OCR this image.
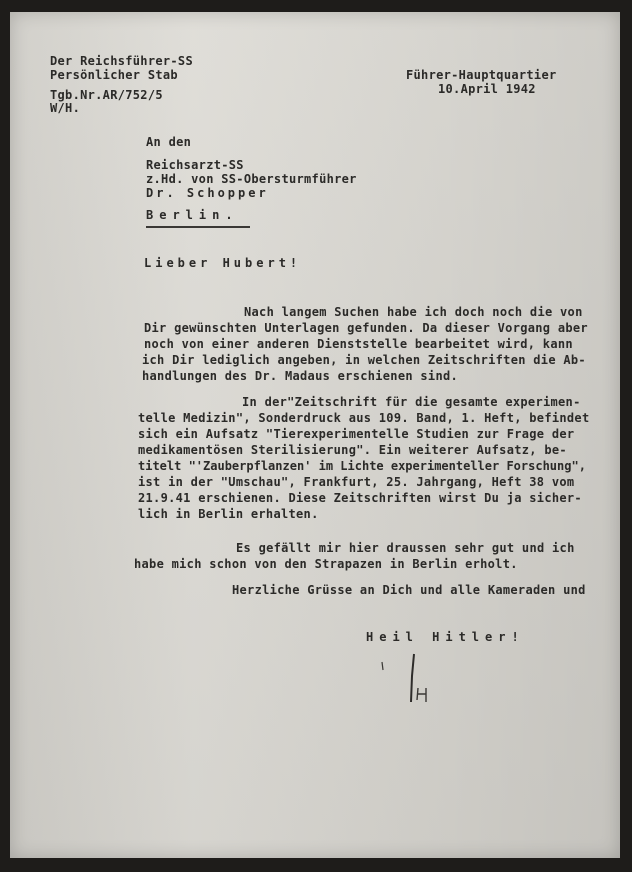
Der Reichsführer-SS
Persönlicher Stab
Tgb.Nr.AR/752/5
W/H.
Führer-Hauptquartier
10.April 1942
An den
Reichsarzt-SS
z.Hd. von SS-Obersturmführer
Dr. Schopper
Berlin.
Lieber Hubert!
Nach langem Suchen habe ich doch noch die von
Dir gewünschten Unterlagen gefunden. Da dieser Vorgang aber
noch von einer anderen Dienststelle bearbeitet wird, kann
ich Dir lediglich angeben, in welchen Zeitschriften die Ab-
handlungen des Dr. Madaus erschienen sind.
In der"Zeitschrift für die gesamte experimen-
telle Medizin", Sonderdruck aus 109. Band, 1. Heft, befindet
sich ein Aufsatz "Tierexperimentelle Studien zur Frage der
medikamentösen Sterilisierung". Ein weiterer Aufsatz, be-
titelt "'Zauberpflanzen' im Lichte experimenteller Forschung",
ist in der "Umschau", Frankfurt, 25. Jahrgang, Heft 38 vom
21.9.41 erschienen. Diese Zeitschriften wirst Du ja sicher-
lich in Berlin erhalten.
Es gefällt mir hier draussen sehr gut und ich
habe mich schon von den Strapazen in Berlin erholt.
Herzliche Grüsse an Dich und alle Kameraden und
Heil Hitler!
